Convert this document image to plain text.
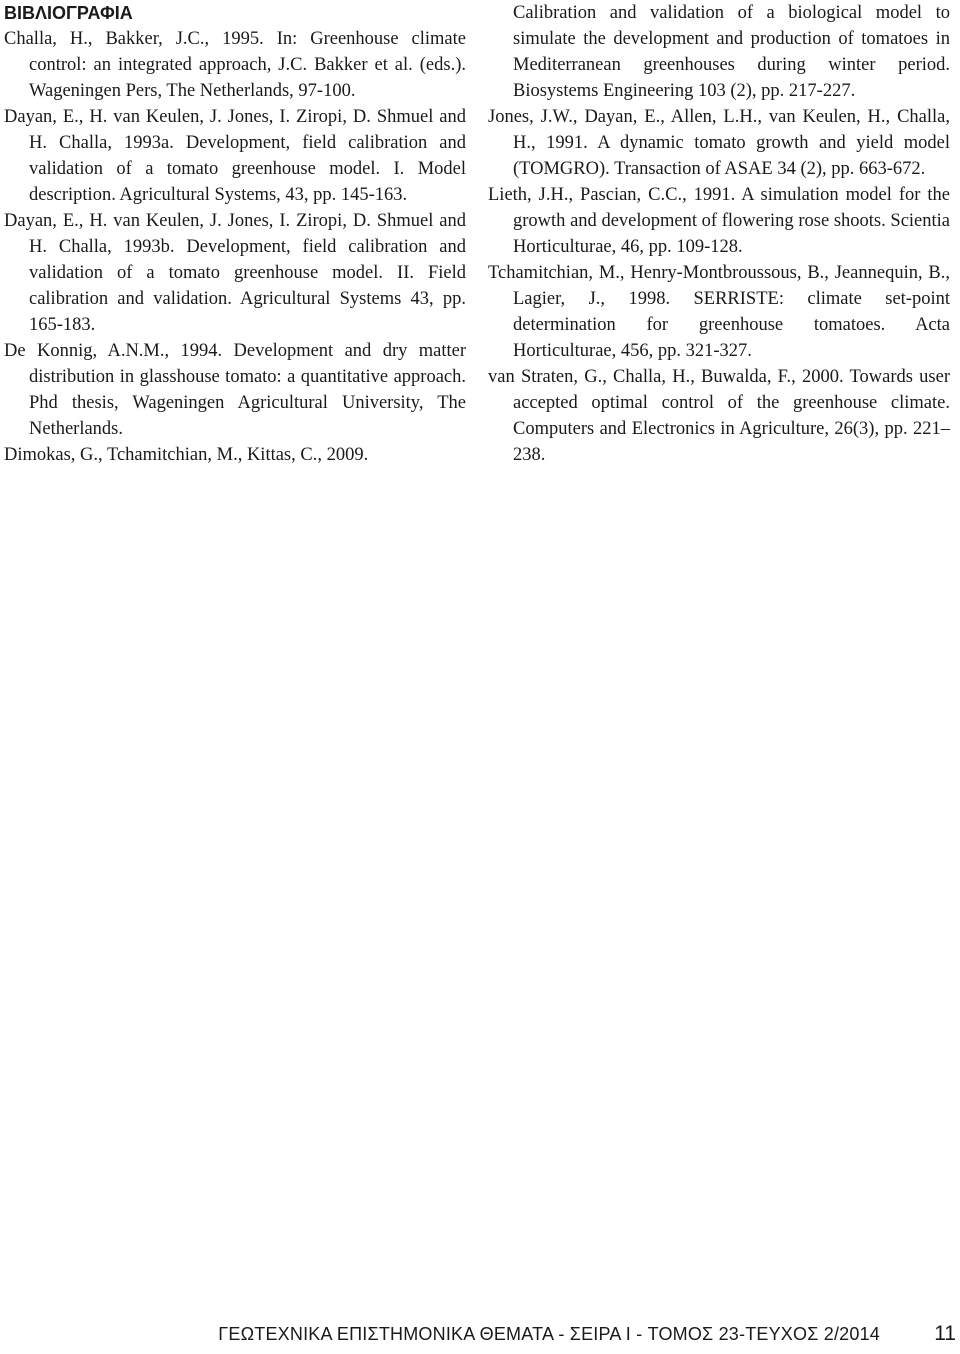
ΒΙΒΛΙΟΓΡΑΦΙΑ

Challa, H., Bakker, J.C., 1995. In: Greenhouse climate control: an integrated approach, J.C. Bakker et al. (eds.). Wageningen Pers, The Netherlands, 97-100.

Dayan, E., H. van Keulen, J. Jones, I. Ziropi, D. Shmuel and H. Challa, 1993a. Development, field calibration and validation of a tomato greenhouse model. I. Model description. Agricultural Systems, 43, pp. 145-163.

Dayan, E., H. van Keulen, J. Jones, I. Ziropi, D. Shmuel and H. Challa, 1993b. Development, field calibration and validation of a tomato greenhouse model. II. Field calibration and validation. Agricultural Systems 43, pp. 165-183.

De Konnig, A.N.M., 1994. Development and dry matter distribution in glasshouse tomato: a quantitative approach. Phd thesis, Wageningen Agricultural University, The Netherlands.

Dimokas, G., Tchamitchian, M., Kittas, C., 2009.

Calibration and validation of a biological model to simulate the development and production of tomatoes in Mediterranean greenhouses during winter period. Biosystems Engineering 103 (2), pp. 217-227.

Jones, J.W., Dayan, E., Allen, L.H., van Keulen, H., Challa, H., 1991. A dynamic tomato growth and yield model (TOMGRO). Transaction of ASAE 34 (2), pp. 663-672.

Lieth, J.H., Pascian, C.C., 1991. A simulation model for the growth and development of flowering rose shoots. Scientia Horticulturae, 46, pp. 109-128.

Tchamitchian, M., Henry-Montbroussous, B., Jeannequin, B., Lagier, J., 1998. SERRISTE: climate set-point determination for greenhouse tomatoes. Acta Horticulturae, 456, pp. 321-327.

van Straten, G., Challa, H., Buwalda, F., 2000. Towards user accepted optimal control of the greenhouse climate. Computers and Electronics in Agriculture, 26(3), pp. 221–238.

ΓΕΩΤΕΧΝΙΚΑ ΕΠΙΣΤΗΜΟΝΙΚΑ ΘΕΜΑΤΑ - ΣΕΙΡΑ I - ΤΟΜΟΣ 23-ΤΕΥΧΟΣ 2/2014	11
